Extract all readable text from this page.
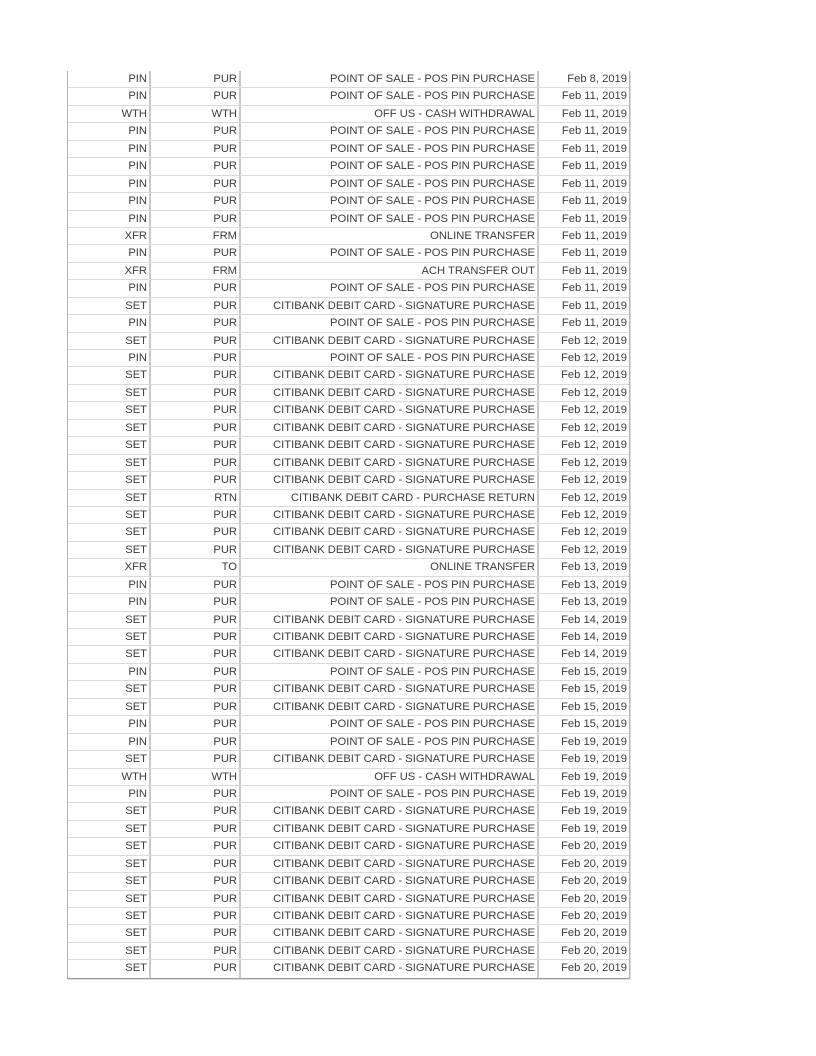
PIN	PUR	POINT OF SALE - POS PIN PURCHASE	Feb 8, 2019
PIN	PUR	POINT OF SALE - POS PIN PURCHASE	Feb 11, 2019
WTH	WTH	OFF US - CASH WITHDRAWAL	Feb 11, 2019
PIN	PUR	POINT OF SALE - POS PIN PURCHASE	Feb 11, 2019
PIN	PUR	POINT OF SALE - POS PIN PURCHASE	Feb 11, 2019
PIN	PUR	POINT OF SALE - POS PIN PURCHASE	Feb 11, 2019
PIN	PUR	POINT OF SALE - POS PIN PURCHASE	Feb 11, 2019
PIN	PUR	POINT OF SALE - POS PIN PURCHASE	Feb 11, 2019
PIN	PUR	POINT OF SALE - POS PIN PURCHASE	Feb 11, 2019
XFR	FRM	ONLINE TRANSFER	Feb 11, 2019
PIN	PUR	POINT OF SALE - POS PIN PURCHASE	Feb 11, 2019
XFR	FRM	ACH TRANSFER OUT	Feb 11, 2019
PIN	PUR	POINT OF SALE - POS PIN PURCHASE	Feb 11, 2019
SET	PUR	CITIBANK DEBIT CARD - SIGNATURE PURCHASE	Feb 11, 2019
PIN	PUR	POINT OF SALE - POS PIN PURCHASE	Feb 11, 2019
SET	PUR	CITIBANK DEBIT CARD - SIGNATURE PURCHASE	Feb 12, 2019
PIN	PUR	POINT OF SALE - POS PIN PURCHASE	Feb 12, 2019
SET	PUR	CITIBANK DEBIT CARD - SIGNATURE PURCHASE	Feb 12, 2019
SET	PUR	CITIBANK DEBIT CARD - SIGNATURE PURCHASE	Feb 12, 2019
SET	PUR	CITIBANK DEBIT CARD - SIGNATURE PURCHASE	Feb 12, 2019
SET	PUR	CITIBANK DEBIT CARD - SIGNATURE PURCHASE	Feb 12, 2019
SET	PUR	CITIBANK DEBIT CARD - SIGNATURE PURCHASE	Feb 12, 2019
SET	PUR	CITIBANK DEBIT CARD - SIGNATURE PURCHASE	Feb 12, 2019
SET	PUR	CITIBANK DEBIT CARD - SIGNATURE PURCHASE	Feb 12, 2019
SET	RTN	CITIBANK DEBIT CARD - PURCHASE RETURN	Feb 12, 2019
SET	PUR	CITIBANK DEBIT CARD - SIGNATURE PURCHASE	Feb 12, 2019
SET	PUR	CITIBANK DEBIT CARD - SIGNATURE PURCHASE	Feb 12, 2019
SET	PUR	CITIBANK DEBIT CARD - SIGNATURE PURCHASE	Feb 12, 2019
XFR	TO	ONLINE TRANSFER	Feb 13, 2019
PIN	PUR	POINT OF SALE - POS PIN PURCHASE	Feb 13, 2019
PIN	PUR	POINT OF SALE - POS PIN PURCHASE	Feb 13, 2019
SET	PUR	CITIBANK DEBIT CARD - SIGNATURE PURCHASE	Feb 14, 2019
SET	PUR	CITIBANK DEBIT CARD - SIGNATURE PURCHASE	Feb 14, 2019
SET	PUR	CITIBANK DEBIT CARD - SIGNATURE PURCHASE	Feb 14, 2019
PIN	PUR	POINT OF SALE - POS PIN PURCHASE	Feb 15, 2019
SET	PUR	CITIBANK DEBIT CARD - SIGNATURE PURCHASE	Feb 15, 2019
SET	PUR	CITIBANK DEBIT CARD - SIGNATURE PURCHASE	Feb 15, 2019
PIN	PUR	POINT OF SALE - POS PIN PURCHASE	Feb 15, 2019
PIN	PUR	POINT OF SALE - POS PIN PURCHASE	Feb 19, 2019
SET	PUR	CITIBANK DEBIT CARD - SIGNATURE PURCHASE	Feb 19, 2019
WTH	WTH	OFF US - CASH WITHDRAWAL	Feb 19, 2019
PIN	PUR	POINT OF SALE - POS PIN PURCHASE	Feb 19, 2019
SET	PUR	CITIBANK DEBIT CARD - SIGNATURE PURCHASE	Feb 19, 2019
SET	PUR	CITIBANK DEBIT CARD - SIGNATURE PURCHASE	Feb 19, 2019
SET	PUR	CITIBANK DEBIT CARD - SIGNATURE PURCHASE	Feb 20, 2019
SET	PUR	CITIBANK DEBIT CARD - SIGNATURE PURCHASE	Feb 20, 2019
SET	PUR	CITIBANK DEBIT CARD - SIGNATURE PURCHASE	Feb 20, 2019
SET	PUR	CITIBANK DEBIT CARD - SIGNATURE PURCHASE	Feb 20, 2019
SET	PUR	CITIBANK DEBIT CARD - SIGNATURE PURCHASE	Feb 20, 2019
SET	PUR	CITIBANK DEBIT CARD - SIGNATURE PURCHASE	Feb 20, 2019
SET	PUR	CITIBANK DEBIT CARD - SIGNATURE PURCHASE	Feb 20, 2019
SET	PUR	CITIBANK DEBIT CARD - SIGNATURE PURCHASE	Feb 20, 2019
